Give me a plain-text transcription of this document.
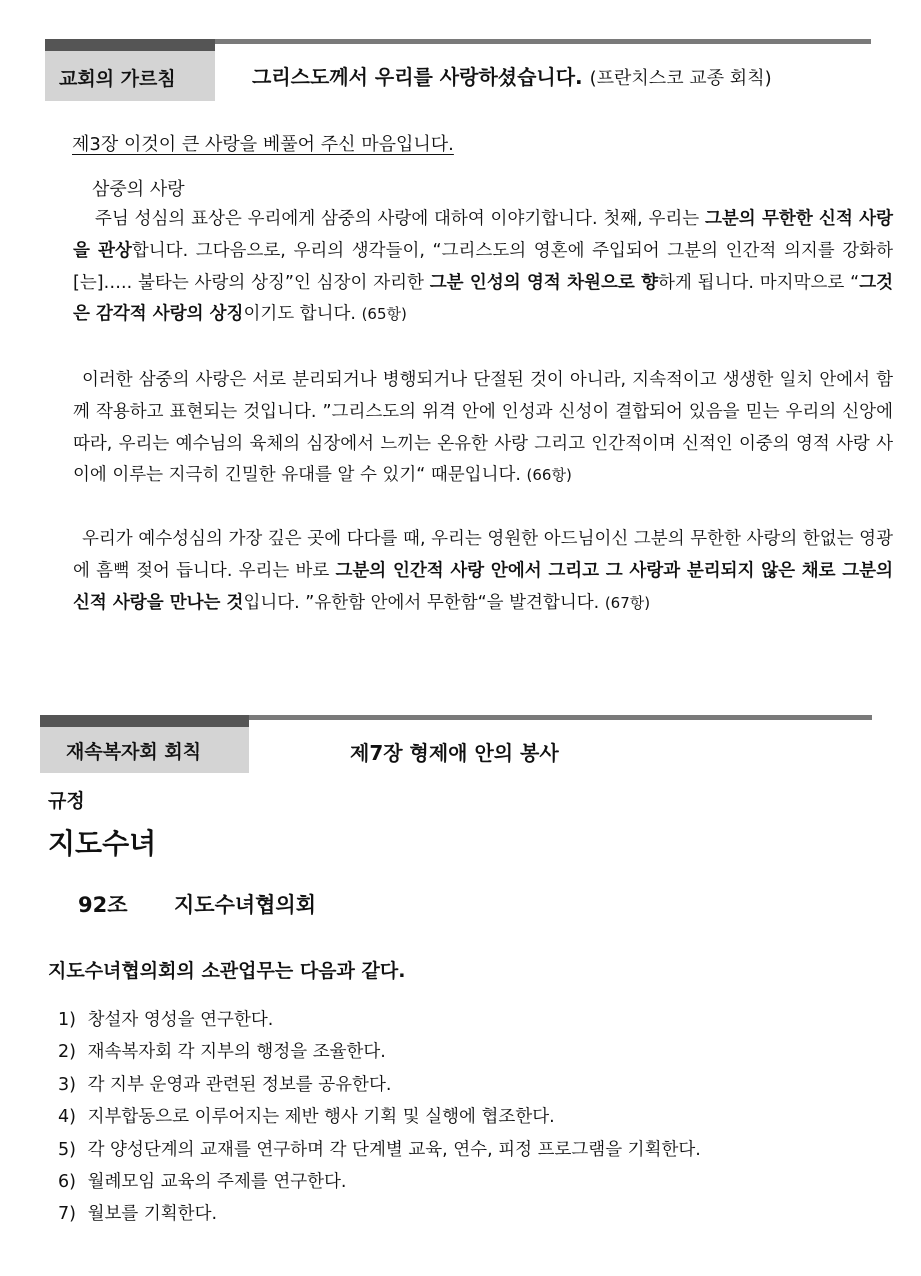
교회의 가르침	그리스도께서 우리를 사랑하셨습니다. (프란치스코 교종 회칙)
제3장 이것이 큰 사랑을 베풀어 주신 마음입니다.
삼중의 사랑

주님 성심의 표상은 우리에게 삼중의 사랑에 대하여 이야기합니다. 첫째, 우리는 그분의 무한한 신적 사랑을 관상합니다. 그다음으로, 우리의 생각들이, “그리스도의 영혼에 주입되어 그분의 인간적 의지를 강화하[는]….. 불타는 사랑의 상징”인 심장이 자리한 그분 인성의 영적 차원으로 향하게 됩니다. 마지막으로 “그것은 감각적 사랑의 상징이기도 합니다. (65항)

이러한 삼중의 사랑은 서로 분리되거나 병행되거나 단절된 것이 아니라, 지속적이고 생생한 일치 안에서 함께 작용하고 표현되는 것입니다. ”그리스도의 위격 안에 인성과 신성이 결합되어 있음을 믿는 우리의 신앙에 따라, 우리는 예수님의 육체의 심장에서 느끼는 온유한 사랑 그리고 인간적이며 신적인 이중의 영적 사랑 사이에 이루는 지극히 긴밀한 유대를 알 수 있기“ 때문입니다. (66항)

우리가 예수성심의 가장 깊은 곳에 다다를 때, 우리는 영원한 아드님이신 그분의 무한한 사랑의 한없는 영광에 흠뻑 젖어 듭니다. 우리는 바로 그분의 인간적 사랑 안에서 그리고 그 사랑과 분리되지 않은 채로 그분의 신적 사랑을 만나는 것입니다. ”유한함 안에서 무한함“을 발견합니다. (67항)

재속복자회 회칙	제7장 형제애 안의 봉사
규정
지도수녀
92조 지도수녀협의회
지도수녀협의회의 소관업무는 다음과 같다.
1) 창설자 영성을 연구한다.
2) 재속복자회 각 지부의 행정을 조율한다.
3) 각 지부 운영과 관련된 정보를 공유한다.
4) 지부합동으로 이루어지는 제반 행사 기획 및 실행에 협조한다.
5) 각 양성단계의 교재를 연구하며 각 단계별 교육, 연수, 피정 프로그램을 기획한다.
6) 월례모임 교육의 주제를 연구한다.
7) 월보를 기획한다.
